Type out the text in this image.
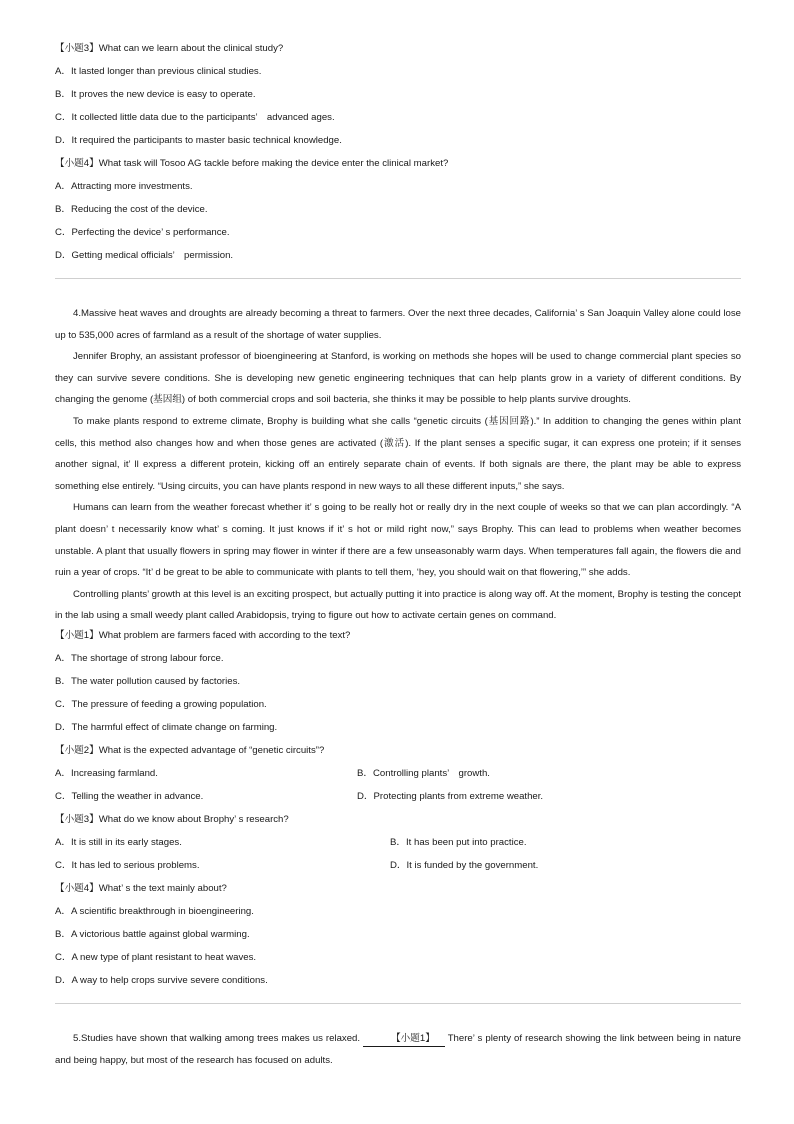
【小题3】What can we learn about the clinical study?
A．It lasted longer than previous clinical studies.
B．It proves the new device is easy to operate.
C．It collected little data due to the participants’　advanced ages.
D．It required the participants to master basic technical knowledge.
【小题4】What task will Tosoo AG tackle before making the device enter the clinical market?
A．Attracting more investments.
B．Reducing the cost of the device.
C．Perfecting the device’ s performance.
D．Getting medical officials’　permission.

4.Massive heat waves and droughts are already becoming a threat to farmers. Over the next three decades, California’ s San Joaquin Valley alone could lose up to 535,000 acres of farmland as a result of the shortage of water supplies.

Jennifer Brophy, an assistant professor of bioengineering at Stanford, is working on methods she hopes will be used to change commercial plant species so they can survive severe conditions. She is developing new genetic engineering techniques that can help plants grow in a variety of different conditions. By changing the genome (基因组) of both commercial crops and soil bacteria, she thinks it may be possible to help plants survive droughts.

To make plants respond to extreme climate, Brophy is building what she calls “genetic circuits (基因回路).” In addition to changing the genes within plant cells, this method also changes how and when those genes are activated (激活). If the plant senses a specific sugar, it can express one protein; if it senses another signal, it’ ll express a different protein, kicking off an entirely separate chain of events. If both signals are there, the plant may be able to express something else entirely. “Using circuits, you can have plants respond in new ways to all these different inputs,” she says.

Humans can learn from the weather forecast whether it’ s going to be really hot or really dry in the next couple of weeks so that we can plan accordingly. “A plant doesn’ t necessarily know what’ s coming. It just knows if it’ s hot or mild right now,” says Brophy. This can lead to problems when weather becomes unstable. A plant that usually flowers in spring may flower in winter if there are a few unseasonably warm days. When temperatures fall again, the flowers die and ruin a year of crops. “It’ d be great to be able to communicate with plants to tell them, ‘hey, you should wait on that flowering,’” she adds.

Controlling plants’ growth at this level is an exciting prospect, but actually putting it into practice is along way off. At the moment, Brophy is testing the concept in the lab using a small weedy plant called Arabidopsis, trying to figure out how to activate certain genes on command.

【小题1】What problem are farmers faced with according to the text?
A．The shortage of strong labour force.
B．The water pollution caused by factories.
C．The pressure of feeding a growing population.
D．The harmful effect of climate change on farming.
【小题2】What is the expected advantage of “genetic circuits”?
A．Increasing farmland.	B．Controlling plants’　growth.
C．Telling the weather in advance.	D．Protecting plants from extreme weather.
【小题3】What do we know about Brophy’ s research?
A．It is still in its early stages.	B．It has been put into practice.
C．It has led to serious problems.	D．It is funded by the government.
【小题4】What’ s the text mainly about?
A．A scientific breakthrough in bioengineering.
B．A victorious battle against global warming.
C．A new type of plant resistant to heat waves.
D．A way to help crops survive severe conditions.

5.Studies have shown that walking among trees makes us relaxed.	【小题1】 There’ s plenty of research showing the link between being in nature and being happy, but most of the research has focused on adults.
